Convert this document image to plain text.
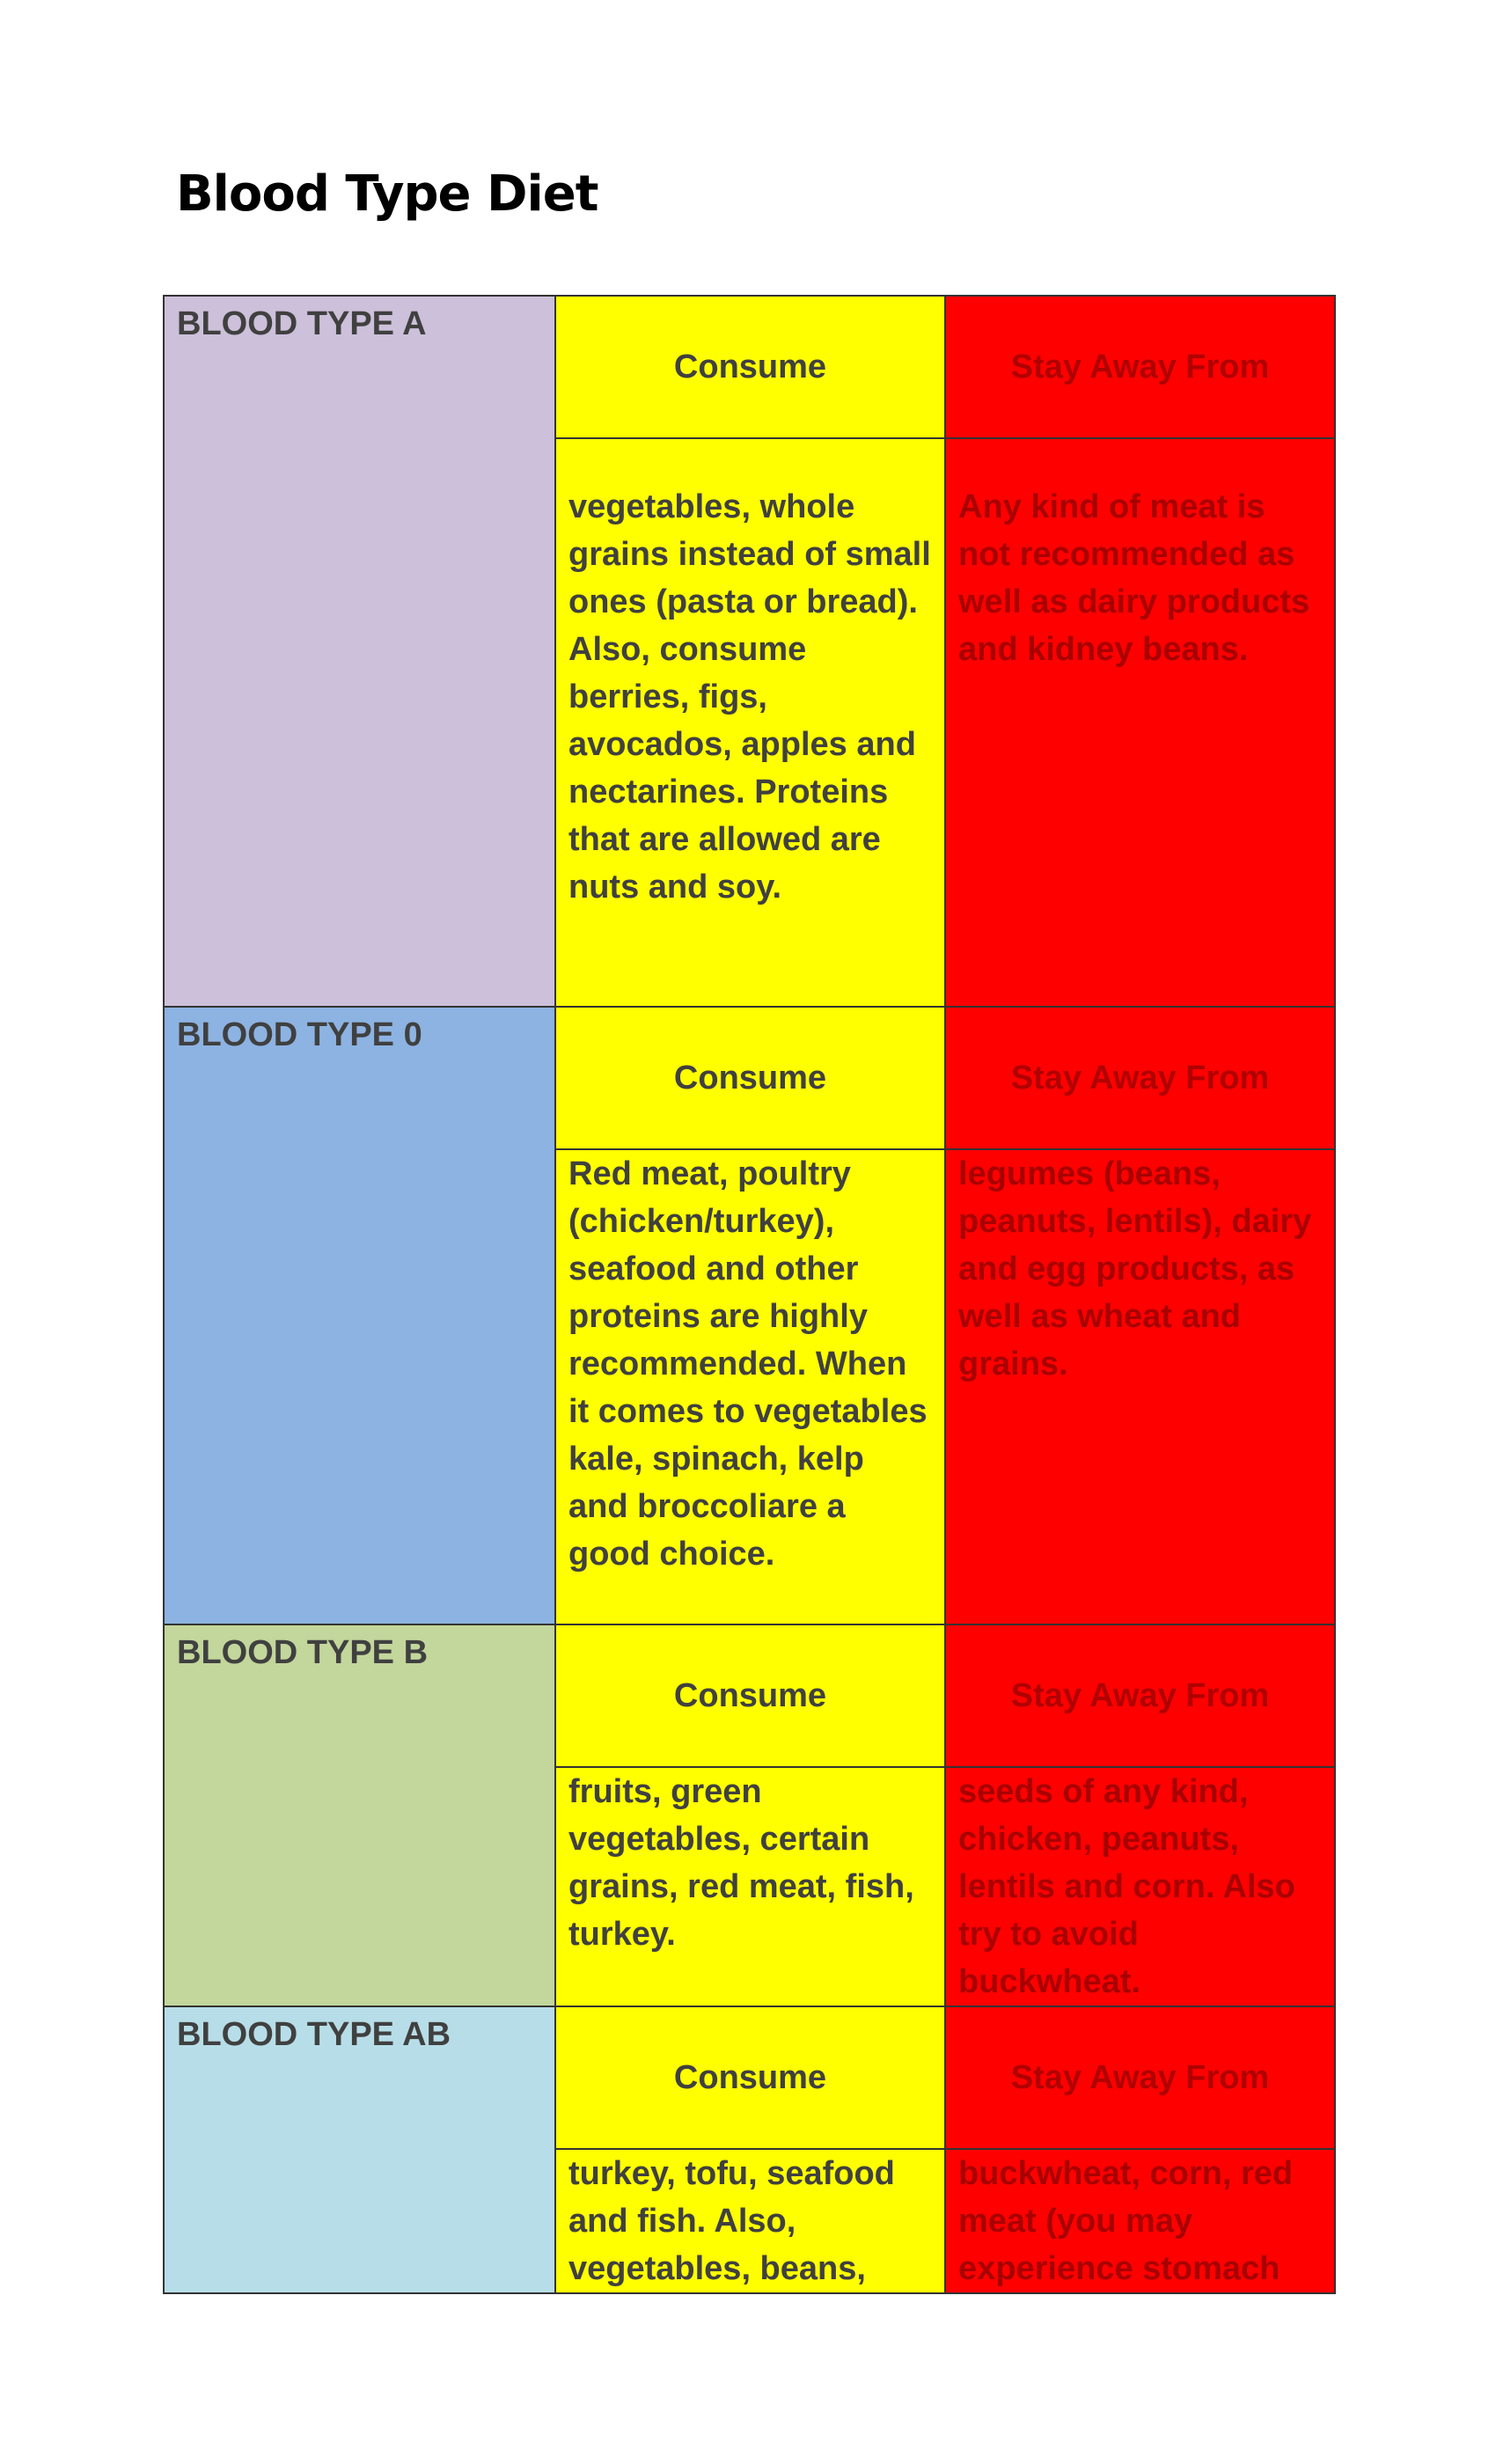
Blood Type Diet
BLOOD TYPE A	Consume	Stay Away From

	vegetables, whole grains instead of small ones (pasta or bread). Also, consume berries, figs, avocados, apples and nectarines. Proteins that are allowed are nuts and soy.	Any kind of meat is not recommended as well as dairy products and kidney beans.

BLOOD TYPE 0	Consume	Stay Away From

	Red meat, poultry (chicken/turkey), seafood and other proteins are highly recommended. When it comes to vegetables kale, spinach, kelp and broccoliare a good choice.	legumes (beans, peanuts, lentils), dairy and egg products, as well as wheat and grains.

BLOOD TYPE B	Consume	Stay Away From

	fruits, green vegetables, certain grains, red meat, fish, turkey.	seeds of any kind, chicken, peanuts, lentils and corn. Also try to avoid buckwheat.

BLOOD TYPE AB	Consume	Stay Away From

	turkey, tofu, seafood and fish. Also, vegetables, beans,	buckwheat, corn, red meat (you may experience stomach
